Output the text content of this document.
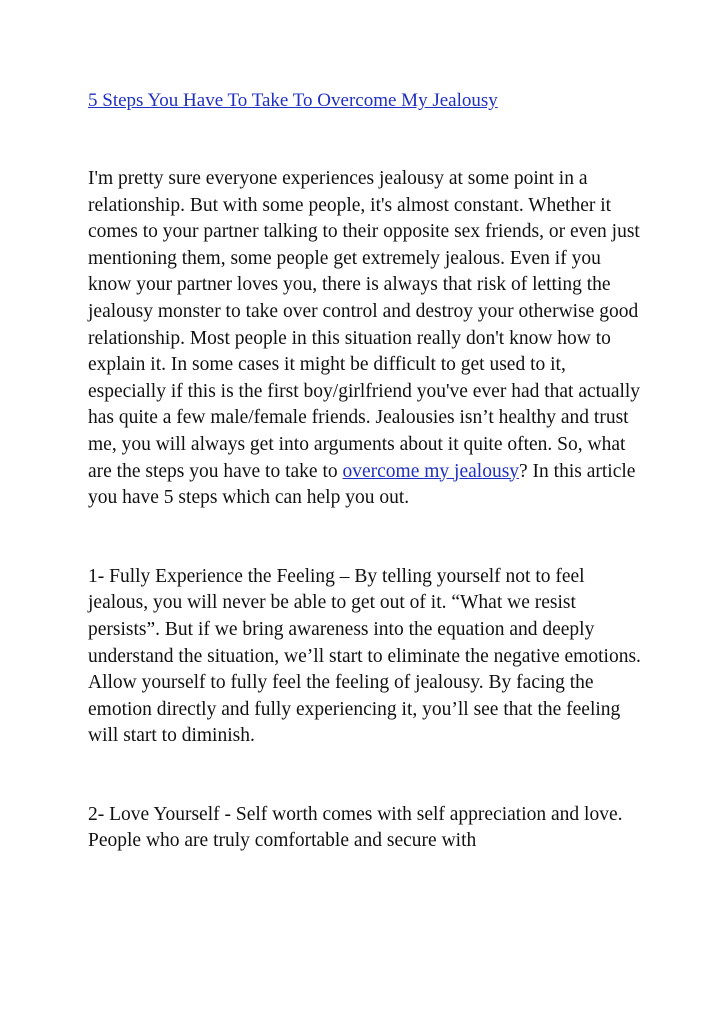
5 Steps You Have To Take To Overcome My Jealousy

I'm pretty sure everyone experiences jealousy at some point in a relationship. But with some people, it's almost constant. Whether it comes to your partner talking to their opposite sex friends, or even just mentioning them, some people get extremely jealous. Even if you know your partner loves you, there is always that risk of letting the jealousy monster to take over control and destroy your otherwise good relationship. Most people in this situation really don't know how to explain it. In some cases it might be difficult to get used to it, especially if this is the first boy/girlfriend you've ever had that actually has quite a few male/female friends. Jealousies isn’t healthy and trust me, you will always get into arguments about it quite often. So, what are the steps you have to take to overcome my jealousy? In this article you have 5 steps which can help you out.

1- Fully Experience the Feeling – By telling yourself not to feel jealous, you will never be able to get out of it. “What we resist persists”. But if we bring awareness into the equation and deeply understand the situation, we’ll start to eliminate the negative emotions. Allow yourself to fully feel the feeling of jealousy. By facing the emotion directly and fully experiencing it, you’ll see that the feeling will start to diminish.

2- Love Yourself - Self worth comes with self appreciation and love. People who are truly comfortable and secure with
